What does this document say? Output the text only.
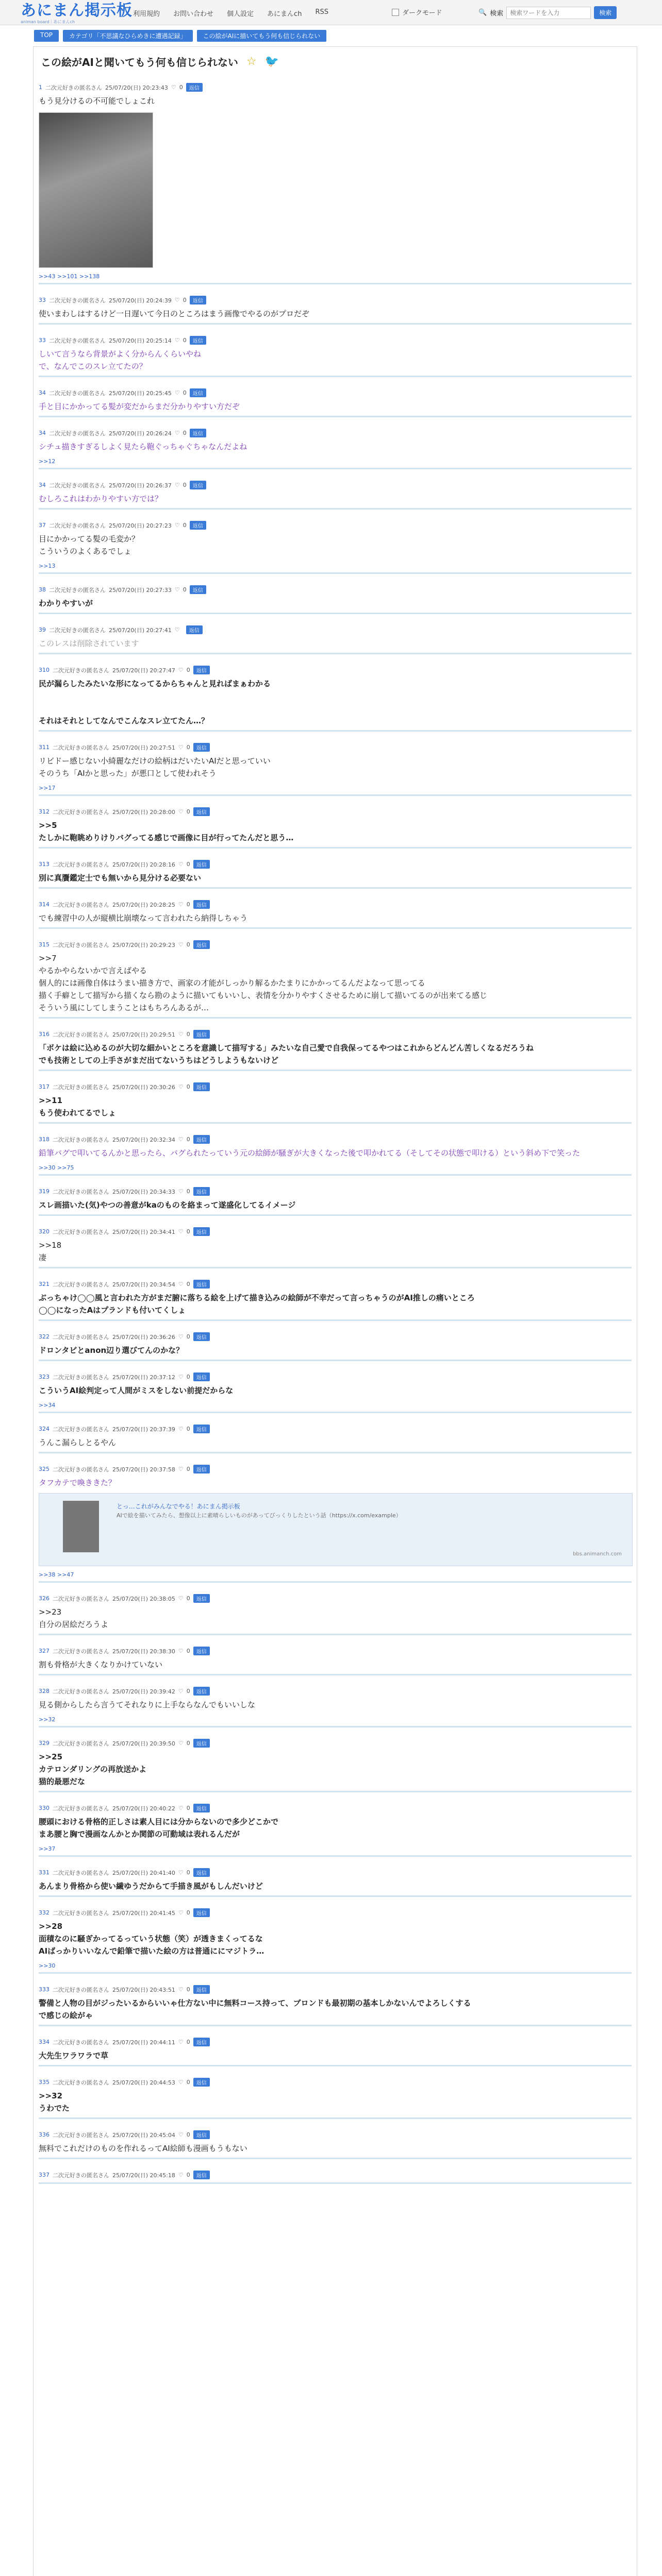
あにまん掲示板
animan board｜あにまんch
利用規約 お問い合わせ 個人設定 あにまんch RSS	ダークモード	🔍 検索
検索ワードを入力	検索
TOP	カテゴリ「不思議なひらめきに遭遇記録」	この絵がAIに描いてもう何も信じられない
この絵がAIと聞いてもう何も信じられない ☆ 🐦
1 二次元好きの匿名さん 25/07/20(日) 20:23:43 ♡ 0	返信
もう見分けるの不可能でしょこれ
>>43 >>101 >>138
33 二次元好きの匿名さん 25/07/20(日) 20:24:39 ♡ 0	返信
使いまわしはするけど一日遅いて今日のところはまう画像でやるのがプロだぞ
33 二次元好きの匿名さん 25/07/20(日) 20:25:14 ♡ 0	返信
しいて言うなら背景がよく分からんくらいやね
で、なんでこのスレ立てたの？
34 二次元好きの匿名さん 25/07/20(日) 20:25:45 ♡ 0	返信
手と目にかかってる髪が変だからまだ分かりやすい方だぞ
34 二次元好きの匿名さん 25/07/20(日) 20:26:24 ♡ 0	返信
シチュ描きすぎるしよく見たら鞄ぐっちゃぐちゃなんだよね
>>12
34 二次元好きの匿名さん 25/07/20(日) 20:26:37 ♡ 0	返信
むしろこれはわかりやすい方では？
37 二次元好きの匿名さん 25/07/20(日) 20:27:23 ♡ 0	返信
目にかかってる髪の毛変か？
こういうのよくあるでしょ
>>13
38 二次元好きの匿名さん 25/07/20(日) 20:27:33 ♡ 0	返信
わかりやすいが
39 二次元好きの匿名さん 25/07/20(日) 20:27:41 ♡	返信
このレスは削除されています
310 二次元好きの匿名さん 25/07/20(日) 20:27:47 ♡ 0	返信
民が漏らしたみたいな形になってるからちゃんと見ればまぁわかる

それはそれとしてなんでこんなスレ立てたん…？
311 二次元好きの匿名さん 25/07/20(日) 20:27:51 ♡ 0	返信
リビドー感じない小綺麗なだけの絵柄はだいたいAIだと思っていい
そのうち「AIかと思った」が悪口として使われそう
>>17
312 二次元好きの匿名さん 25/07/20(日) 20:28:00 ♡ 0	返信
>>5
たしかに鞄眺めりけりバグってる感じで画像に目が行ってたんだと思う…
313 二次元好きの匿名さん 25/07/20(日) 20:28:16 ♡ 0	返信
別に真贋鑑定士でも無いから見分ける必要ない
314 二次元好きの匿名さん 25/07/20(日) 20:28:25 ♡ 0	返信
でも練習中の人が縦横比崩壊なって言われたら納得しちゃう
315 二次元好きの匿名さん 25/07/20(日) 20:29:23 ♡ 0	返信
>>7
やるかやらないかで言えばやる
個人的には画像自体はうまい描き方で、画家の才能がしっかり解るかたまりにかかってるんだよなって思ってる
描く手癖として描写から描くなら勘のように描いてもいいし、表情を分かりやすくさせるために崩して描いてるのが出来てる感じ
そういう風にしてしまうことはもちろんあるが…
316 二次元好きの匿名さん 25/07/20(日) 20:29:51 ♡ 0	返信
「ボケは絵に込めるのが大切な細かいところを意識して描写する」みたいな自己愛で自我保ってるやつはこれからどんどん苦しくなるだろうね
でも技術としての上手さがまだ出てないうちはどうしようもないけど
317 二次元好きの匿名さん 25/07/20(日) 20:30:26 ♡ 0	返信
>>11
もう使われてるでしょ
318 二次元好きの匿名さん 25/07/20(日) 20:32:34 ♡ 0	返信
鉛筆バグで叩いてるんかと思ったら、バグられたっていう元の絵師が騒ぎが大きくなった後で叩かれてる（そしてその状態で叩ける）という斜め下で笑った
>>30 >>75
319 二次元好きの匿名さん 25/07/20(日) 20:34:33 ♡ 0	返信
スレ画描いた(気)やつの善意がkaのものを絡まって遂盛化してるイメージ
320 二次元好きの匿名さん 25/07/20(日) 20:34:41 ♡ 0	返信
>>18
凄
321 二次元好きの匿名さん 25/07/20(日) 20:34:54 ♡ 0	返信
ぶっちゃけ◯◯風と言われた方がまだ腑に落ちる絵を上げて描き込みの絵師が不幸だって言っちゃうのがAI推しの痛いところ
◯◯になったAはプランドも付いてくしょ
322 二次元好きの匿名さん 25/07/20(日) 20:36:26 ♡ 0	返信
ドロンタビとanon辺り選びてんのかな？
323 二次元好きの匿名さん 25/07/20(日) 20:37:12 ♡ 0	返信
こういうAI絵判定って人間がミスをしない前提だからな
>>34
324 二次元好きの匿名さん 25/07/20(日) 20:37:39 ♡ 0	返信
うんこ漏らしとるやん
325 二次元好きの匿名さん 25/07/20(日) 20:37:58 ♡ 0	返信
タフカテで喚ききた？
とっ…これがみんなでやる！あにまん掲示板
AIで絵を描いてみたら、想像以上に素晴らしいものがあってびっくりしたという話（https://x.com/example）
bbs.animanch.com
>>38 >>47
326 二次元好きの匿名さん 25/07/20(日) 20:38:05 ♡ 0	返信
>>23
自分の居絵だろうよ
327 二次元好きの匿名さん 25/07/20(日) 20:38:30 ♡ 0	返信
割も骨格が大きくなりかけていない
328 二次元好きの匿名さん 25/07/20(日) 20:39:42 ♡ 0	返信
見る側からしたら言うてそれなりに上手ならなんでもいいしな
>>32
329 二次元好きの匿名さん 25/07/20(日) 20:39:50 ♡ 0	返信
>>25
カテロンダリングの再放送かよ
猫的最悪だな
330 二次元好きの匿名さん 25/07/20(日) 20:40:22 ♡ 0	返信
腰頭における骨格的正しさは素人目には分からないので多少どこかで
まあ腰と胸で漫画なんかとか関節の可動域は表れるんだが
>>37
331 二次元好きの匿名さん 25/07/20(日) 20:41:40 ♡ 0	返信
あんまり骨格から使い繊ゆうだからて手描き風がもしんだいけど
332 二次元好きの匿名さん 25/07/20(日) 20:41:45 ♡ 0	返信
>>28
面積なのに騒ぎかってるっていう状態（笑）が透きまくってるな
AIばっかりいいなんで鉛筆で描いた絵の方は普通ににマジトラ…
>>30
333 二次元好きの匿名さん 25/07/20(日) 20:43:51 ♡ 0	返信
警備と人物の目がジったいるからいいゃ仕方ない中に無料コース持って、ブロンドも最初期の基本しかないんでよろしくする
で感じの絵がゃ
334 二次元好きの匿名さん 25/07/20(日) 20:44:11 ♡ 0	返信
大先生ワラワラで草
335 二次元好きの匿名さん 25/07/20(日) 20:44:53 ♡ 0	返信
>>32
うわでた
336 二次元好きの匿名さん 25/07/20(日) 20:45:04 ♡ 0	返信
無料でこれだけのものを作れるってAI絵師も漫画もうもない
337 二次元好きの匿名さん 25/07/20(日) 20:45:18 ♡ 0	返信
